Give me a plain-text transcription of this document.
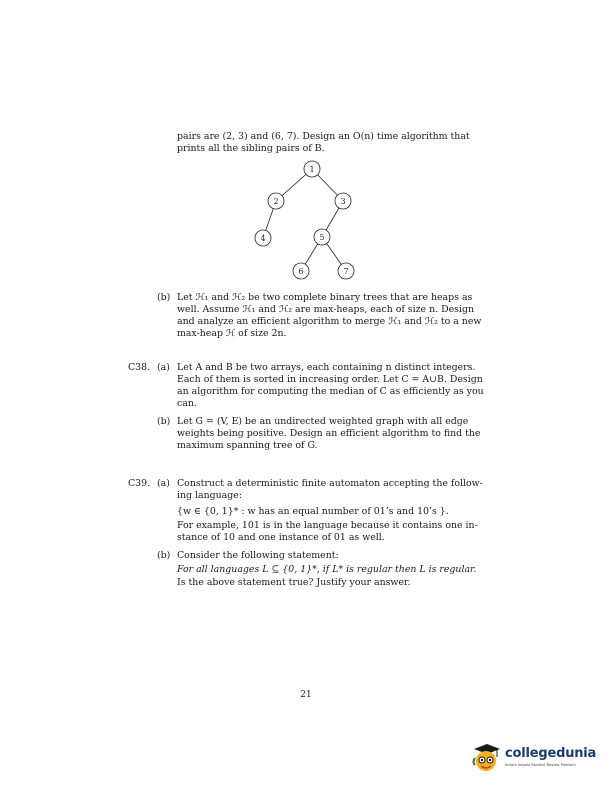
pairs are (2, 3) and (6, 7). Design an O(n) time algorithm that
prints all the sibling pairs of B.
1
2	3
4	5
6	7
(b) Let ℋ₁ and ℋ₂ be two complete binary trees that are heaps as
well. Assume ℋ₁ and ℋ₂ are max-heaps, each of size n. Design
and analyze an efficient algorithm to merge ℋ₁ and ℋ₂ to a new
max-heap ℋ of size 2n.
C38. (a) Let A and B be two arrays, each containing n distinct integers.
Each of them is sorted in increasing order. Let C = A∪B. Design
an algorithm for computing the median of C as efficiently as you
can.
(b) Let G = (V, E) be an undirected weighted graph with all edge
weights being positive. Design an efficient algorithm to find the
maximum spanning tree of G.
C39. (a) Construct a deterministic finite automaton accepting the follow-
ing language:
{w ∈ {0, 1}* : w has an equal number of 01’s and 10’s }.
For example, 101 is in the language because it contains one in-
stance of 10 and one instance of 01 as well.
(b) Consider the following statement:
For all languages L ⊆ {0, 1}*, if L* is regular then L is regular.
Is the above statement true? Justify your answer.
21
collegedunia
India's largest Student Review Platform
